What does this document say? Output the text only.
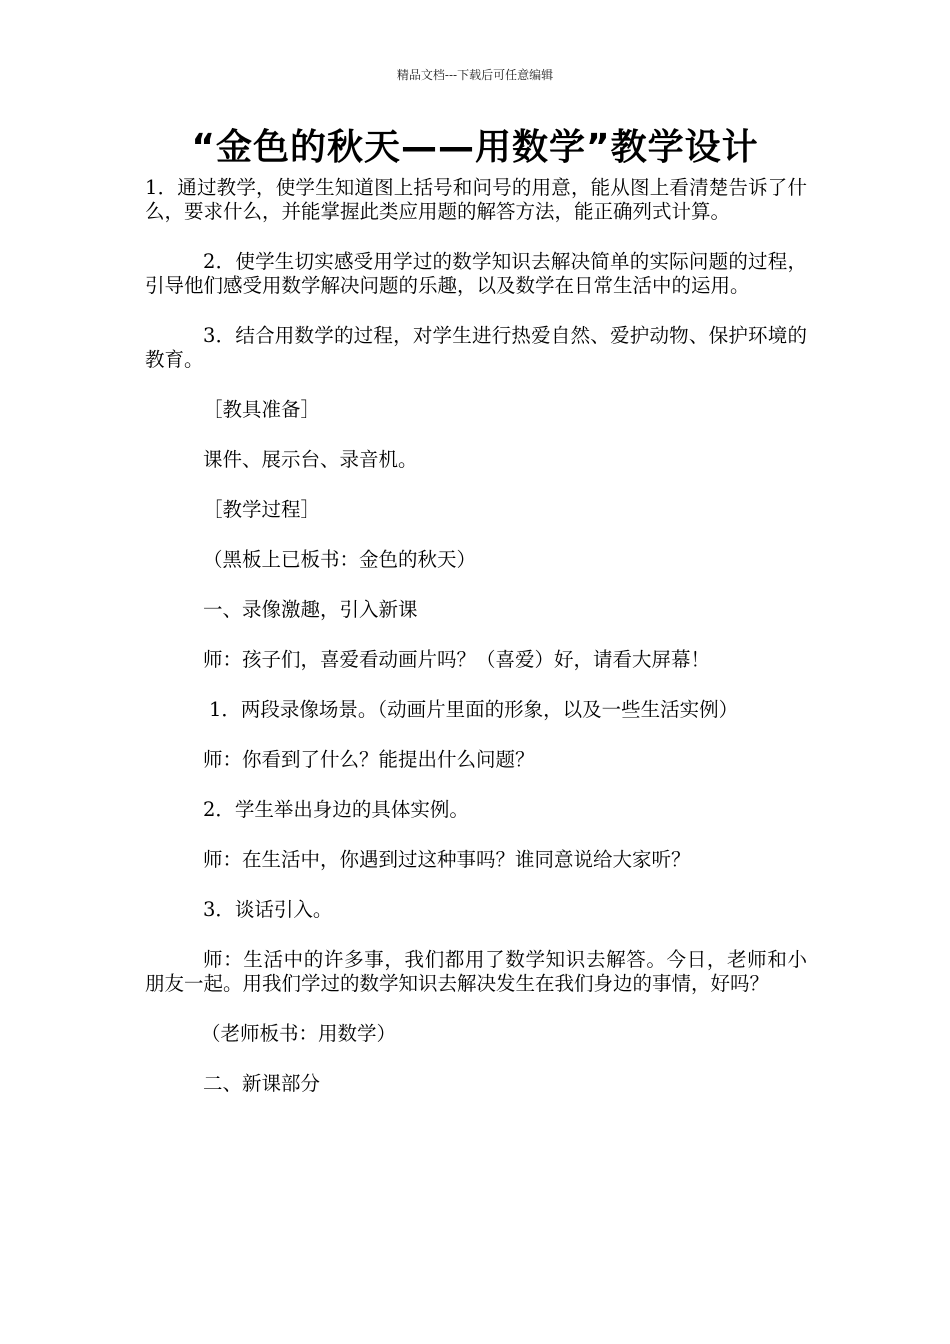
精品文档---下载后可任意编辑
“金色的秋天——用数学”教学设计

1．通过教学，使学生知道图上括号和问号的用意，能从图上看清楚告诉了什么，要求什么，并能掌握此类应用题的解答方法，能正确列式计算。

2．使学生切实感受用学过的数学知识去解决简单的实际问题的过程，引导他们感受用数学解决问题的乐趣，以及数学在日常生活中的运用。

3．结合用数学的过程，对学生进行热爱自然、爱护动物、保护环境的教育。

［教具准备］

课件、展示台、录音机。

［教学过程］

（黑板上已板书：金色的秋天）

一、录像激趣，引入新课

师：孩子们，喜爱看动画片吗？（喜爱）好，请看大屏幕！

1．两段录像场景。（动画片里面的形象，以及一些生活实例）

师：你看到了什么？能提出什么问题？

2．学生举出身边的具体实例。

师：在生活中，你遇到过这种事吗？谁同意说给大家听？

3．谈话引入。

师：生活中的许多事，我们都用了数学知识去解答。今日，老师和小朋友一起。用我们学过的数学知识去解决发生在我们身边的事情，好吗？

（老师板书：用数学）

二、新课部分
